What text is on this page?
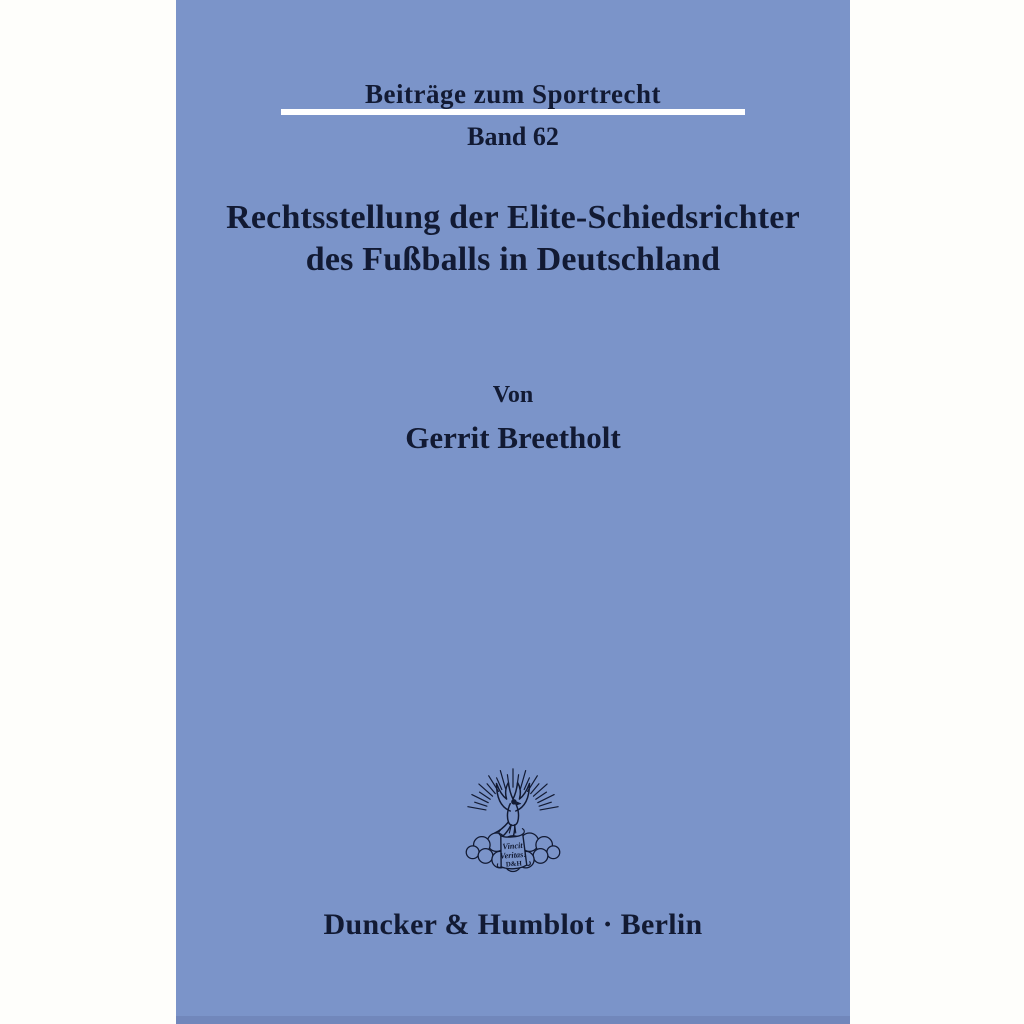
Beiträge zum Sportrecht
Band 62
Rechtsstellung der Elite-Schiedsrichter
des Fußballs in Deutschland
Von
Gerrit Breetholt
Vincit
Veritas!
D&H
Duncker & Humblot · Berlin
